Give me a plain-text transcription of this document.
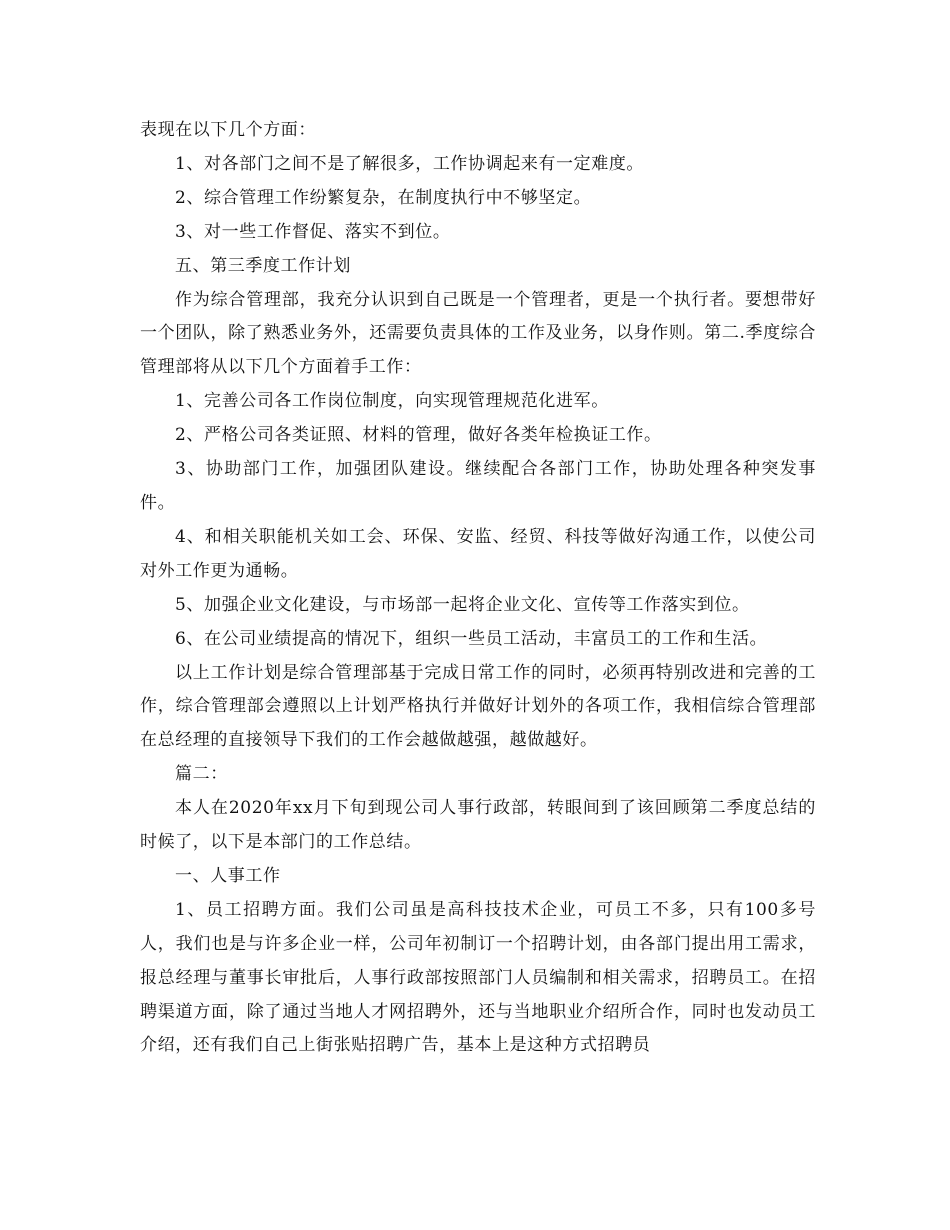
表现在以下几个方面：

1、对各部门之间不是了解很多，工作协调起来有一定难度。

2、综合管理工作纷繁复杂，在制度执行中不够坚定。

3、对一些工作督促、落实不到位。

五、第三季度工作计划

作为综合管理部，我充分认识到自己既是一个管理者，更是一个执行者。要想带好一个团队，除了熟悉业务外，还需要负责具体的工作及业务，以身作则。第二.季度综合管理部将从以下几个方面着手工作：

1、完善公司各工作岗位制度，向实现管理规范化进军。

2、严格公司各类证照、材料的管理，做好各类年检换证工作。

3、协助部门工作，加强团队建设。继续配合各部门工作，协助处理各种突发事件。

4、和相关职能机关如工会、环保、安监、经贸、科技等做好沟通工作，以使公司对外工作更为通畅。

5、加强企业文化建设，与市场部一起将企业文化、宣传等工作落实到位。

6、在公司业绩提高的情况下，组织一些员工活动，丰富员工的工作和生活。

以上工作计划是综合管理部基于完成日常工作的同时，必须再特别改进和完善的工作，综合管理部会遵照以上计划严格执行并做好计划外的各项工作，我相信综合管理部在总经理的直接领导下我们的工作会越做越强，越做越好。

篇二：

本人在2020年xx月下旬到现公司人事行政部，转眼间到了该回顾第二季度总结的时候了，以下是本部门的工作总结。

一、人事工作

1、员工招聘方面。我们公司虽是高科技技术企业，可员工不多，只有100多号人，我们也是与许多企业一样，公司年初制订一个招聘计划，由各部门提出用工需求，报总经理与董事长审批后，人事行政部按照部门人员编制和相关需求，招聘员工。在招聘渠道方面，除了通过当地人才网招聘外，还与当地职业介绍所合作，同时也发动员工介绍，还有我们自己上街张贴招聘广告，基本上是这种方式招聘员
